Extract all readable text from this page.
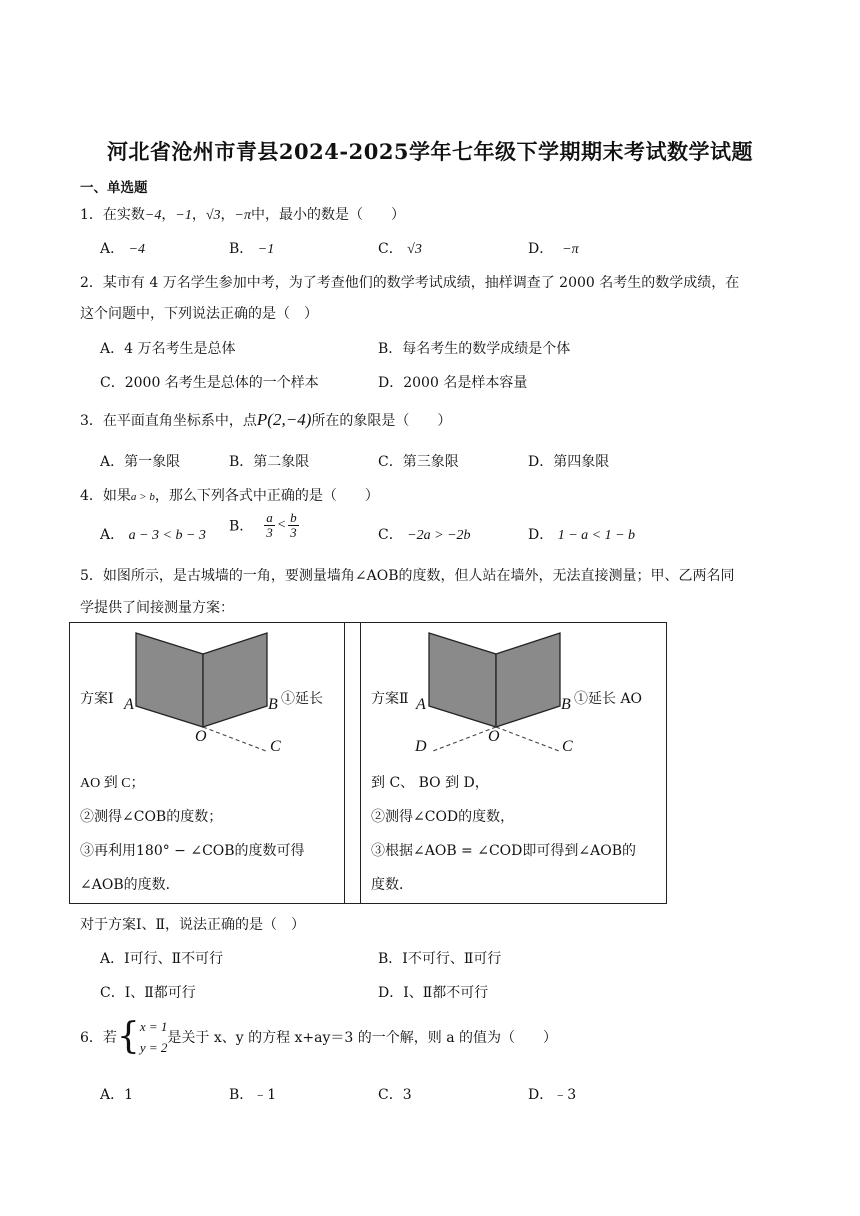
河北省沧州市青县2024-2025学年七年级下学期期末考试数学试题
一、单选题
1．在实数−4，−1，√3，−π中，最小的数是（　　）
A． −4	B． −1	C． √3	D． −π
2．某市有 4 万名学生参加中考，为了考查他们的数学考试成绩，抽样调查了 2000 名考生的数学成绩，在
这个问题中，下列说法正确的是（　）
A．4 万名考生是总体	B．每名考生的数学成绩是个体
C．2000 名考生是总体的一个样本	D．2000 名是样本容量
3．在平面直角坐标系中，点P(2,−4)所在的象限是（　　）
A．第一象限	B．第二象限	C．第三象限	D．第四象限
4．如果a > b，那么下列各式中正确的是（　　）
A． a − 3 < b − 3
B． $\frac{a}{3} < \frac{b}{3}$	C． −2a > −2b	D． 1 − a < 1 − b
5．如图所示，是古城墙的一角，要测量墙角∠AOB的度数，但人站在墙外，无法直接测量；甲、乙两名同
学提供了间接测量方案：
方案Ⅰ A	B
O
C
①延长
AO 到 C；
②测得∠COB的度数；
③再利用180° − ∠COB的度数可得
∠AOB的度数．
方案Ⅱ A	B
O
C
D
①延长 AO
到 C、 BO 到 D，
②测得∠COD的度数，
③根据∠AOB = ∠COD即可得到∠AOB的
度数．
对于方案Ⅰ、Ⅱ，说法正确的是（　）
A．Ⅰ可行、Ⅱ不可行	B．Ⅰ不可行、Ⅱ可行
C．Ⅰ、Ⅱ都可行	D．Ⅰ、Ⅱ都不可行
6．若{ x = 1
y = 2
是关于 x、y 的方程 x+ay＝3 的一个解，则 a 的值为（　　）
A．1	B．﹣1	C．3	D．﹣3
